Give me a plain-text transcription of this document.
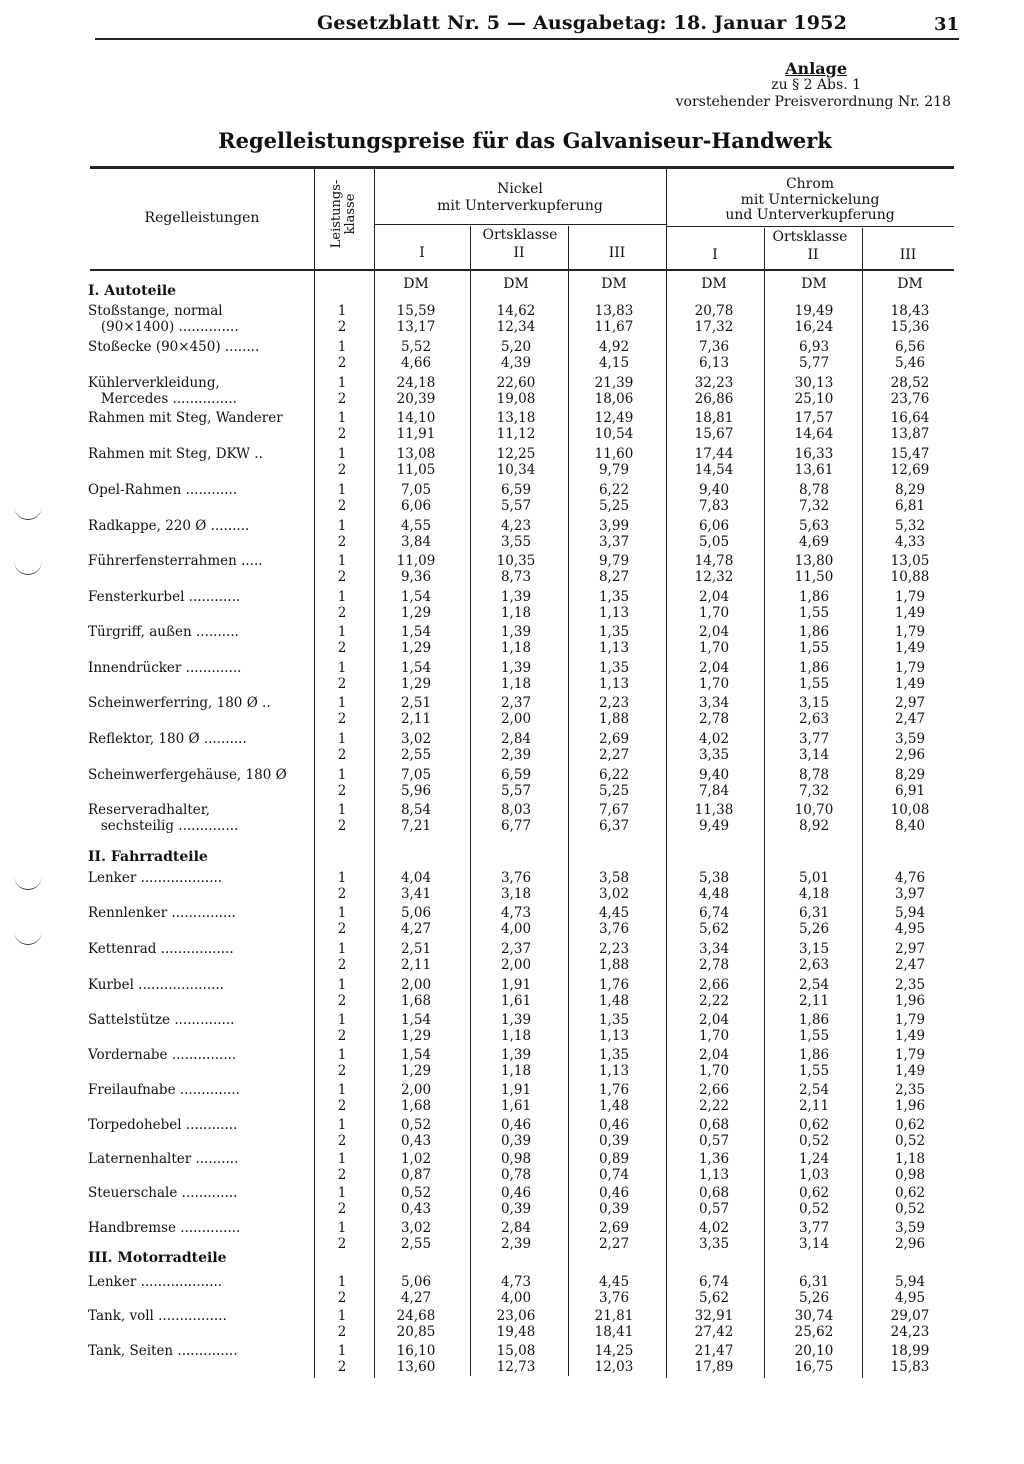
Gesetzblatt Nr. 5 — Ausgabetag: 18. Januar 1952	31
Anlage
zu § 2 Abs. 1
vorstehender Preisverordnung Nr. 218
Regelleistungspreise für das Galvaniseur-Handwerk
Regelleistungen	Leistungs-
klasse
Nickel
mit Unterverkupferung
Chrom
mit Unternickelung
und Unterverkupferung
Ortsklasse	Ortsklasse
I	II	III	I	II	III
DM	DM	DM	DM	DM	DM
I. Autoteile
II. Fahrradteile
III. Motorradteile
Stoßstange, normal	1	15,59	14,62	13,83	20,78	19,49	18,43
(90×1400) ..............	2	13,17	12,34	11,67	17,32	16,24	15,36
Stoßecke (90×450) ........	1	5,52	5,20	4,92	7,36	6,93	6,56
2	4,66	4,39	4,15	6,13	5,77	5,46
Kühlerverkleidung,	1	24,18	22,60	21,39	32,23	30,13	28,52
Mercedes ...............	2	20,39	19,08	18,06	26,86	25,10	23,76
Rahmen mit Steg, Wanderer	1	14,10	13,18	12,49	18,81	17,57	16,64
2	11,91	11,12	10,54	15,67	14,64	13,87
Rahmen mit Steg, DKW ..	1	13,08	12,25	11,60	17,44	16,33	15,47
2	11,05	10,34	9,79	14,54	13,61	12,69
Opel-Rahmen ............	1	7,05	6,59	6,22	9,40	8,78	8,29
2	6,06	5,57	5,25	7,83	7,32	6,81
Radkappe, 220 Ø .........	1	4,55	4,23	3,99	6,06	5,63	5,32
2	3,84	3,55	3,37	5,05	4,69	4,33
Führerfensterrahmen .....	1	11,09	10,35	9,79	14,78	13,80	13,05
2	9,36	8,73	8,27	12,32	11,50	10,88
Fensterkurbel ............	1	1,54	1,39	1,35	2,04	1,86	1,79
2	1,29	1,18	1,13	1,70	1,55	1,49
Türgriff, außen ..........	1	1,54	1,39	1,35	2,04	1,86	1,79
2	1,29	1,18	1,13	1,70	1,55	1,49
Innendrücker .............	1	1,54	1,39	1,35	2,04	1,86	1,79
2	1,29	1,18	1,13	1,70	1,55	1,49
Scheinwerferring, 180 Ø ..	1	2,51	2,37	2,23	3,34	3,15	2,97
2	2,11	2,00	1,88	2,78	2,63	2,47
Reflektor, 180 Ø ..........	1	3,02	2,84	2,69	4,02	3,77	3,59
2	2,55	2,39	2,27	3,35	3,14	2,96
Scheinwerfergehäuse, 180 Ø	1	7,05	6,59	6,22	9,40	8,78	8,29
2	5,96	5,57	5,25	7,84	7,32	6,91
Reserveradhalter,	1	8,54	8,03	7,67	11,38	10,70	10,08
sechsteilig ..............	2	7,21	6,77	6,37	9,49	8,92	8,40
Lenker ...................	1	4,04	3,76	3,58	5,38	5,01	4,76
2	3,41	3,18	3,02	4,48	4,18	3,97
Rennlenker ...............	1	5,06	4,73	4,45	6,74	6,31	5,94
2	4,27	4,00	3,76	5,62	5,26	4,95
Kettenrad .................	1	2,51	2,37	2,23	3,34	3,15	2,97
2	2,11	2,00	1,88	2,78	2,63	2,47
Kurbel ....................	1	2,00	1,91	1,76	2,66	2,54	2,35
2	1,68	1,61	1,48	2,22	2,11	1,96
Sattelstütze ..............	1	1,54	1,39	1,35	2,04	1,86	1,79
2	1,29	1,18	1,13	1,70	1,55	1,49
Vordernabe ...............	1	1,54	1,39	1,35	2,04	1,86	1,79
2	1,29	1,18	1,13	1,70	1,55	1,49
Freilaufnabe ..............	1	2,00	1,91	1,76	2,66	2,54	2,35
2	1,68	1,61	1,48	2,22	2,11	1,96
Torpedohebel ............	1	0,52	0,46	0,46	0,68	0,62	0,62
2	0,43	0,39	0,39	0,57	0,52	0,52
Laternenhalter ..........	1	1,02	0,98	0,89	1,36	1,24	1,18
2	0,87	0,78	0,74	1,13	1,03	0,98
Steuerschale .............	1	0,52	0,46	0,46	0,68	0,62	0,62
2	0,43	0,39	0,39	0,57	0,52	0,52
Handbremse ..............	1	3,02	2,84	2,69	4,02	3,77	3,59
2	2,55	2,39	2,27	3,35	3,14	2,96
Lenker ...................	1	5,06	4,73	4,45	6,74	6,31	5,94
2	4,27	4,00	3,76	5,62	5,26	4,95
Tank, voll ................	1	24,68	23,06	21,81	32,91	30,74	29,07
2	20,85	19,48	18,41	27,42	25,62	24,23
Tank, Seiten ..............	1	16,10	15,08	14,25	21,47	20,10	18,99
2	13,60	12,73	12,03	17,89	16,75	15,83
